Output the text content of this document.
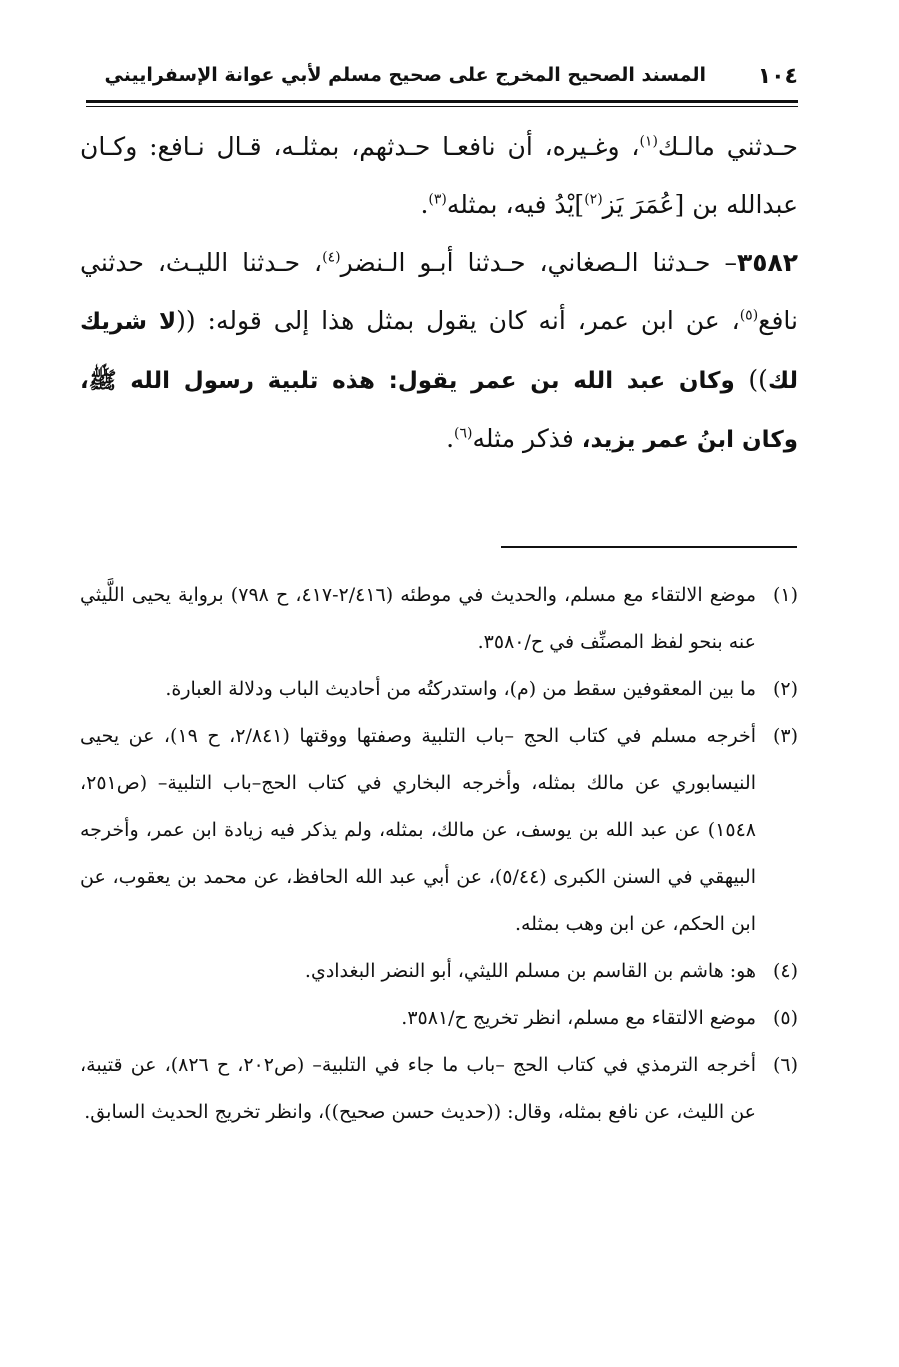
١٠٤
المسند الصحيح المخرج على صحيح مسلم لأبي عوانة الإسفراييني

حـدثني مالـك$^{(١)}$، وغـيره، أن نافعـا حـدثهم، بمثلـه، قـال نـافع: وكـان عبدالله بن [عُمَرَ يَز$^{(٢)}$]يْدُ فيه، بمثله$^{(٣)}$.

٣٥٨٢– حـدثنا الـصغاني، حـدثنا أبـو الـنضر$^{(٤)}$، حـدثنا الليـث، حدثني نافع$^{(٥)}$، عن ابن عمر، أنه كان يقول بمثل هذا إلى قوله: ((لا شريك لك)) وكان عبد الله بن عمر يقول: هذه تلبية رسول الله ﷺ، وكان ابنُ عمر يزيد، فذكر مثله$^{(٦)}$.

(١)موضع الالتقاء مع مسلم، والحديث في موطئه (٢/٤١٦-٤١٧، ح ٧٩٨) برواية يحيى اللَّيثي عنه بنحو لفظ المصنِّف في ح/٣٥٨٠.

(٢)ما بين المعقوفين سقط من (م)، واستدركتُه من أحاديث الباب ودلالة العبارة.

(٣)أخرجه مسلم في كتاب الحج –باب التلبية وصفتها ووقتها (٢/٨٤١، ح ١٩)، عن يحيى النيسابوري عن مالك بمثله، وأخرجه البخاري في كتاب الحج–باب التلبية– (ص٢٥١، ١٥٤٨) عن عبد الله بن يوسف، عن مالك، بمثله، ولم يذكر فيه زيادة ابن عمر، وأخرجه البيهقي في السنن الكبرى (٥/٤٤)، عن أبي عبد الله الحافظ، عن محمد بن يعقوب، عن ابن الحكم، عن ابن وهب بمثله.

(٤)هو: هاشم بن القاسم بن مسلم الليثي، أبو النضر البغدادي.

(٥)موضع الالتقاء مع مسلم، انظر تخريج ح/٣٥٨١.

(٦)أخرجه الترمذي في كتاب الحج –باب ما جاء في التلبية– (ص٢٠٢، ح ٨٢٦)، عن قتيبة، عن الليث، عن نافع بمثله، وقال: ((حديث حسن صحيح))، وانظر تخريج الحديث السابق.
